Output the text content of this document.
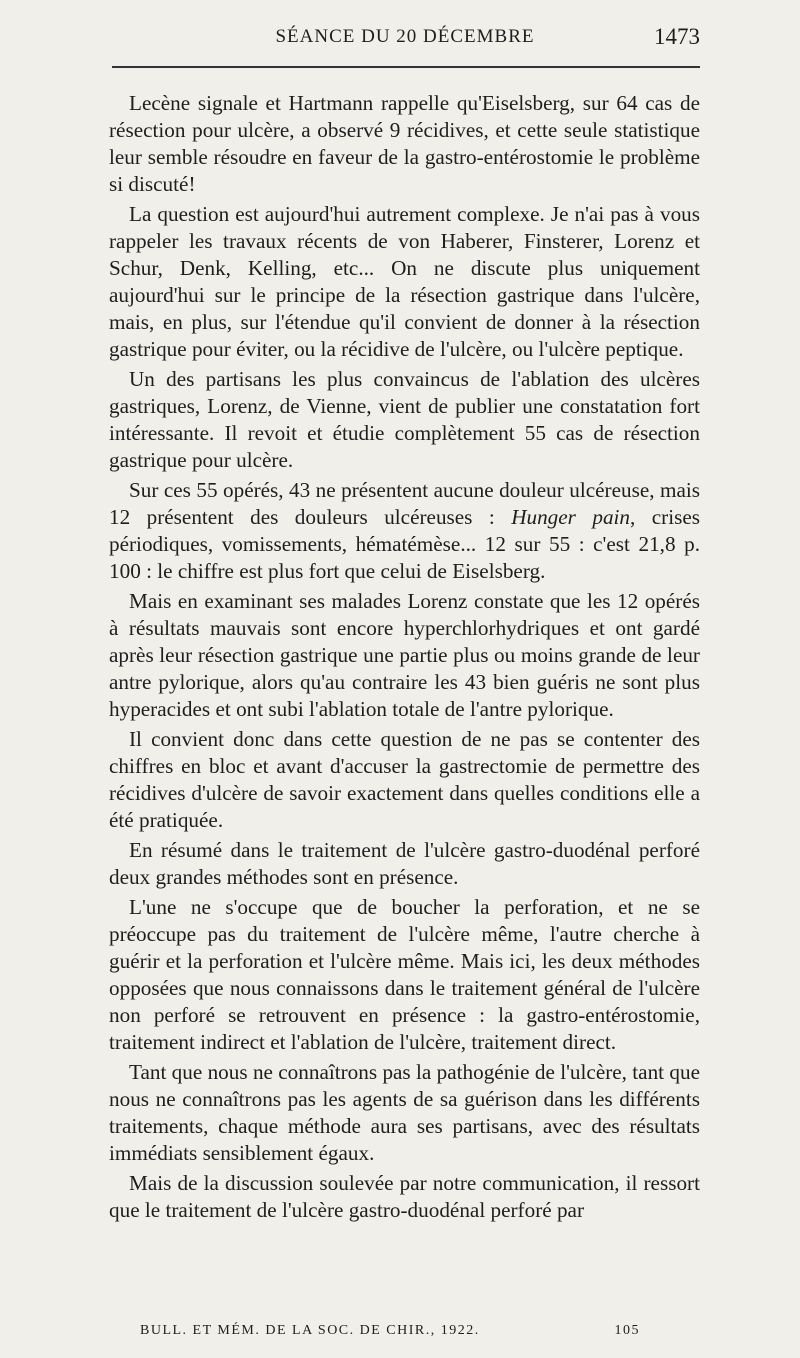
SÉANCE DU 20 DÉCEMBRE	1473

Lecène signale et Hartmann rappelle qu'Eiselsberg, sur 64 cas de résection pour ulcère, a observé 9 récidives, et cette seule statistique leur semble résoudre en faveur de la gastro-entérostomie le problème si discuté!

La question est aujourd'hui autrement complexe. Je n'ai pas à vous rappeler les travaux récents de von Haberer, Finsterer, Lorenz et Schur, Denk, Kelling, etc... On ne discute plus uniquement aujourd'hui sur le principe de la résection gastrique dans l'ulcère, mais, en plus, sur l'étendue qu'il convient de donner à la résection gastrique pour éviter, ou la récidive de l'ulcère, ou l'ulcère peptique.

Un des partisans les plus convaincus de l'ablation des ulcères gastriques, Lorenz, de Vienne, vient de publier une constatation fort intéressante. Il revoit et étudie complètement 55 cas de résection gastrique pour ulcère.

Sur ces 55 opérés, 43 ne présentent aucune douleur ulcéreuse, mais 12 présentent des douleurs ulcéreuses : Hunger pain, crises périodiques, vomissements, hématémèse... 12 sur 55 : c'est 21,8 p. 100 : le chiffre est plus fort que celui de Eiselsberg.

Mais en examinant ses malades Lorenz constate que les 12 opérés à résultats mauvais sont encore hyperchlorhydriques et ont gardé après leur résection gastrique une partie plus ou moins grande de leur antre pylorique, alors qu'au contraire les 43 bien guéris ne sont plus hyperacides et ont subi l'ablation totale de l'antre pylorique.

Il convient donc dans cette question de ne pas se contenter des chiffres en bloc et avant d'accuser la gastrectomie de permettre des récidives d'ulcère de savoir exactement dans quelles conditions elle a été pratiquée.

En résumé dans le traitement de l'ulcère gastro-duodénal perforé deux grandes méthodes sont en présence.

L'une ne s'occupe que de boucher la perforation, et ne se préoccupe pas du traitement de l'ulcère même, l'autre cherche à guérir et la perforation et l'ulcère même. Mais ici, les deux méthodes opposées que nous connaissons dans le traitement général de l'ulcère non perforé se retrouvent en présence : la gastro-entérostomie, traitement indirect et l'ablation de l'ulcère, traitement direct.

Tant que nous ne connaîtrons pas la pathogénie de l'ulcère, tant que nous ne connaîtrons pas les agents de sa guérison dans les différents traitements, chaque méthode aura ses partisans, avec des résultats immédiats sensiblement égaux.

Mais de la discussion soulevée par notre communication, il ressort que le traitement de l'ulcère gastro-duodénal perforé par

BULL. ET MÉM. DE LA SOC. DE CHIR., 1922.	105
